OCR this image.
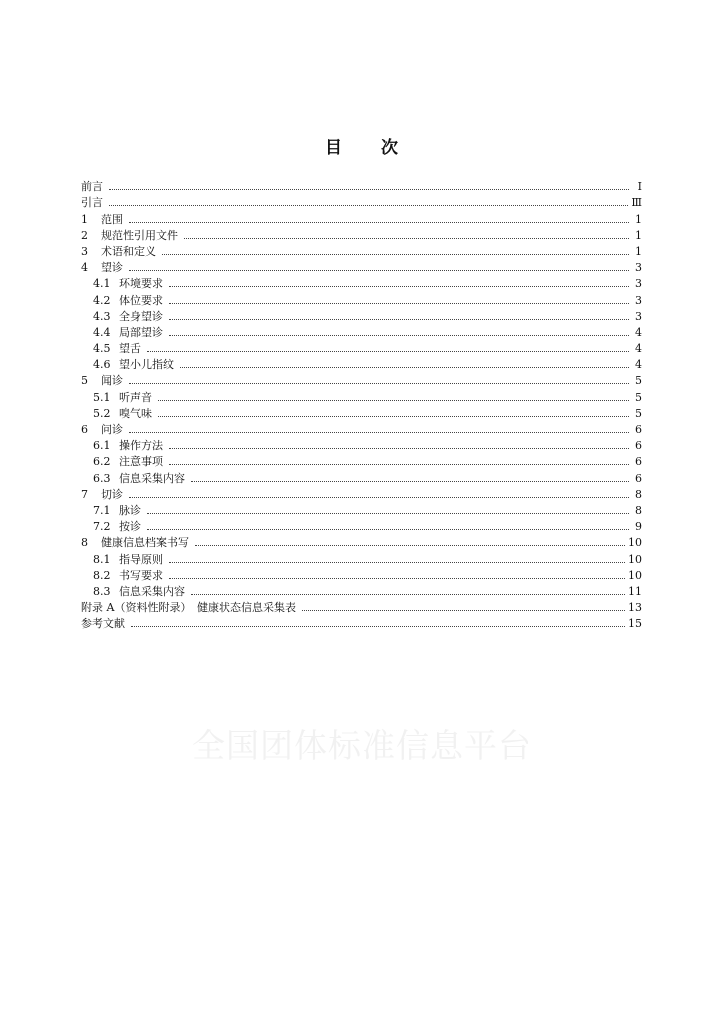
目 次
前言	Ⅰ
引言	Ⅲ
1	范围	1
2	规范性引用文件	1
3	术语和定义	1
4	望诊	3
4.1 环境要求	3
4.2 体位要求	3
4.3 全身望诊	3
4.4 局部望诊	4
4.5 望舌	4
4.6 望小儿指纹	4
5	闻诊	5
5.1 听声音	5
5.2 嗅气味	5
6	问诊	6
6.1 操作方法	6
6.2 注意事项	6
6.3 信息采集内容	6
7	切诊	8
7.1 脉诊	8
7.2 按诊	9
8	健康信息档案书写	10
8.1 指导原则	10
8.2 书写要求	10
8.3 信息采集内容	11
附录 A（资料性附录）　健康状态信息采集表	13
参考文献	15
全国团体标准信息平台
